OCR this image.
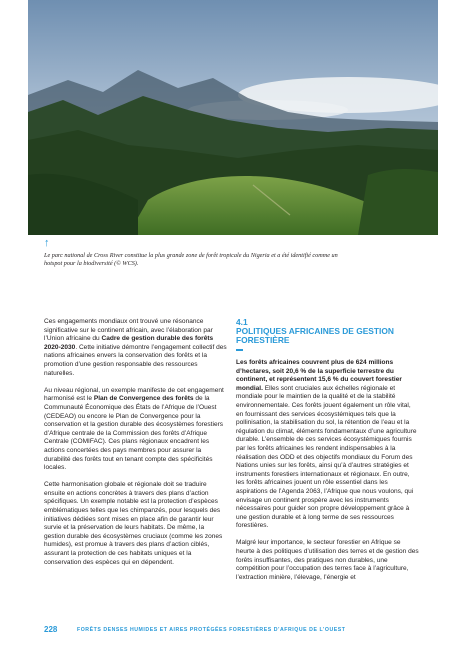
↑
Le parc national de Cross River constitue la plus grande zone de forêt tropicale du Nigeria et a été identifié comme un hotspot pour la biodiversité (© WCS).

Ces engagements mondiaux ont trouvé une résonance significative sur le continent africain, avec l’élaboration par l’Union africaine du Cadre de gestion durable des forêts 2020-2030. Cette initiative démontre l’engagement collectif des nations africaines envers la conservation des forêts et la promotion d’une gestion responsable des ressources naturelles.

Au niveau régional, un exemple manifeste de cet engagement harmonisé est le Plan de Convergence des forêts de la Communauté Économique des États de l’Afrique de l’Ouest (CEDEAO) ou encore le Plan de Convergence pour la conservation et la gestion durable des écosystèmes forestiers d’Afrique centrale de la Commission des forêts d’Afrique Centrale (COMIFAC). Ces plans régionaux encadrent les actions concertées des pays membres pour assurer la durabilité des forêts tout en tenant compte des spécificités locales.

Cette harmonisation globale et régionale doit se traduire ensuite en actions concrètes à travers des plans d’action spécifiques. Un exemple notable est la protection d’espèces emblématiques telles que les chimpanzés, pour lesquels des initiatives dédiées sont mises en place afin de garantir leur survie et la préservation de leurs habitats. De même, la gestion durable des écosystèmes cruciaux (comme les zones humides), est promue à travers des plans d’action ciblés, assurant la protection de ces habitats uniques et la conservation des espèces qui en dépendent.

4.1
POLITIQUES AFRICAINES DE GESTION FORESTIÈRE

Les forêts africaines couvrent plus de 624 millions d’hectares, soit 20,6 % de la superficie terrestre du continent, et représentent 15,6 % du couvert forestier mondial. Elles sont cruciales aux échelles régionale et mondiale pour le maintien de la qualité et de la stabilité environnementale. Ces forêts jouent également un rôle vital, en fournissant des services écosystémiques tels que la pollinisation, la stabilisation du sol, la rétention de l’eau et la régulation du climat, éléments fondamentaux d’une agriculture durable. L’ensemble de ces services écosystémiques fournis par les forêts africaines les rendent indispensables à la réalisation des ODD et des objectifs mondiaux du Forum des Nations unies sur les forêts, ainsi qu’à d’autres stratégies et instruments forestiers internationaux et régionaux. En outre, les forêts africaines jouent un rôle essentiel dans les aspirations de l’Agenda 2063, l’Afrique que nous voulons, qui envisage un continent prospère avec les instruments nécessaires pour guider son propre développement grâce à une gestion durable et à long terme de ses ressources forestières.

Malgré leur importance, le secteur forestier en Afrique se heurte à des politiques d’utilisation des terres et de gestion des forêts insuffisantes, des pratiques non durables, une compétition pour l’occupation des terres face à l’agriculture, l’extraction minière, l’élevage, l’énergie et

228	FORÊTS DENSES HUMIDES ET AIRES PROTÉGÉES FORESTIÈRES D’AFRIQUE DE L’OUEST
